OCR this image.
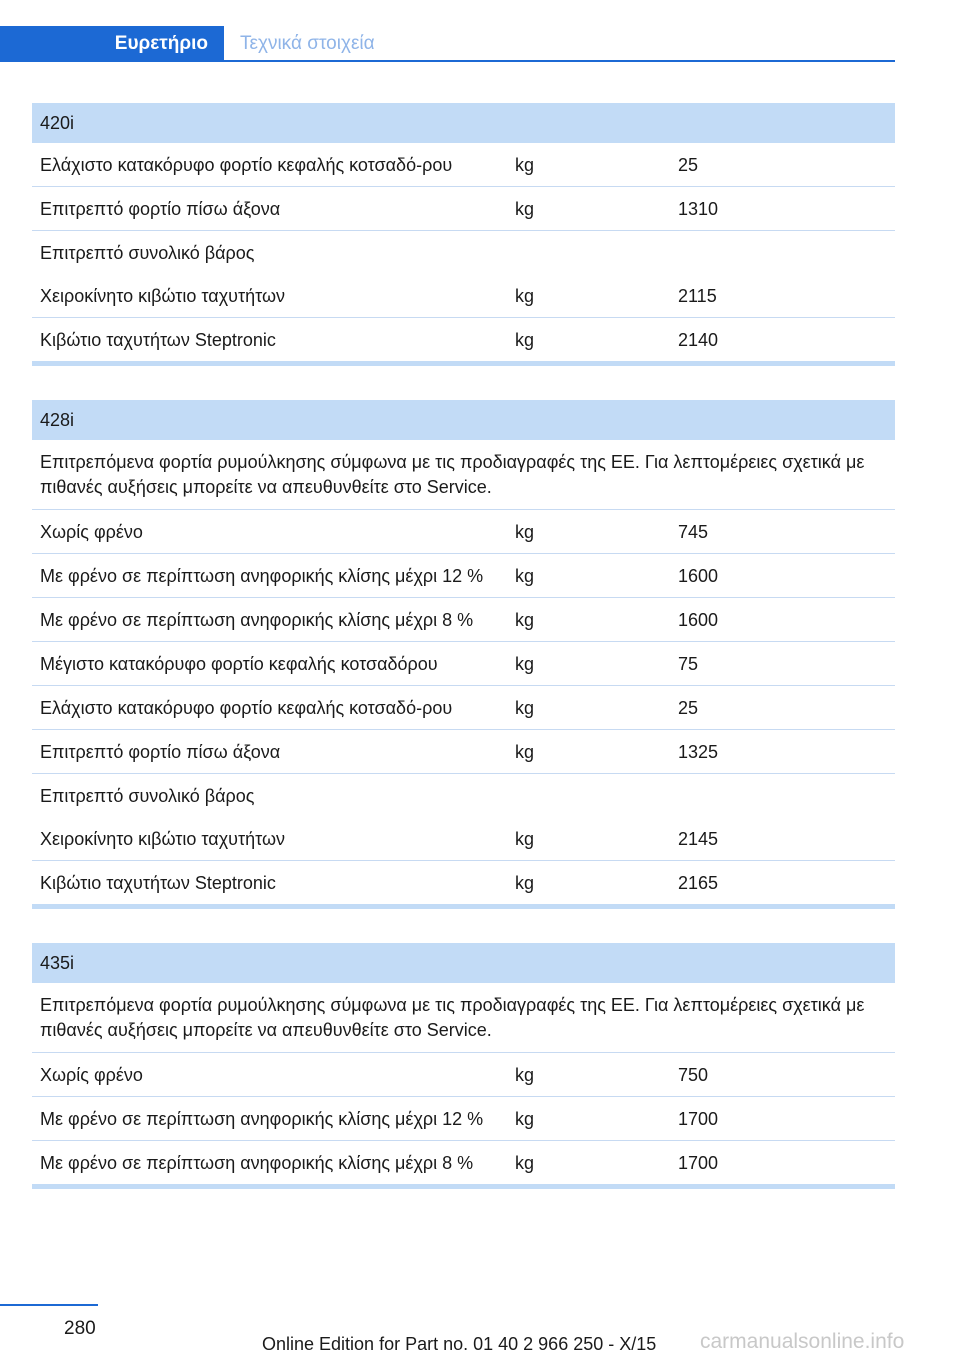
Ευρετήριο	Τεχνικά στοιχεία
420i
Ελάχιστο κατακόρυφο φορτίο κεφαλής κοτσαδό-ρου	kg	25
Επιτρεπτό φορτίο πίσω άξονα	kg	1310
Επιτρεπτό συνολικό βάρος
Χειροκίνητο κιβώτιο ταχυτήτων	kg	2115
Κιβώτιο ταχυτήτων Steptronic	kg	2140
428i
Επιτρεπόμενα φορτία ρυμούλκησης σύμφωνα με τις προδιαγραφές της ΕΕ. Για λεπτομέρειες σχετικά με πιθανές αυξήσεις μπορείτε να απευθυνθείτε στο Service.
Χωρίς φρένο	kg	745
Με φρένο σε περίπτωση ανηφορικής κλίσης μέχρι 12 %	kg	1600
Με φρένο σε περίπτωση ανηφορικής κλίσης μέχρι 8 %	kg	1600
Μέγιστο κατακόρυφο φορτίο κεφαλής κοτσαδόρου	kg	75
Ελάχιστο κατακόρυφο φορτίο κεφαλής κοτσαδό-ρου	kg	25
Επιτρεπτό φορτίο πίσω άξονα	kg	1325
Επιτρεπτό συνολικό βάρος
Χειροκίνητο κιβώτιο ταχυτήτων	kg	2145
Κιβώτιο ταχυτήτων Steptronic	kg	2165
435i
Επιτρεπόμενα φορτία ρυμούλκησης σύμφωνα με τις προδιαγραφές της ΕΕ. Για λεπτομέρειες σχετικά με πιθανές αυξήσεις μπορείτε να απευθυνθείτε στο Service.
Χωρίς φρένο	kg	750
Με φρένο σε περίπτωση ανηφορικής κλίσης μέχρι 12 %	kg	1700
Με φρένο σε περίπτωση ανηφορικής κλίσης μέχρι 8 %	kg	1700
280
Online Edition for Part no. 01 40 2 966 250 - X/15 carmanualsonline.info
